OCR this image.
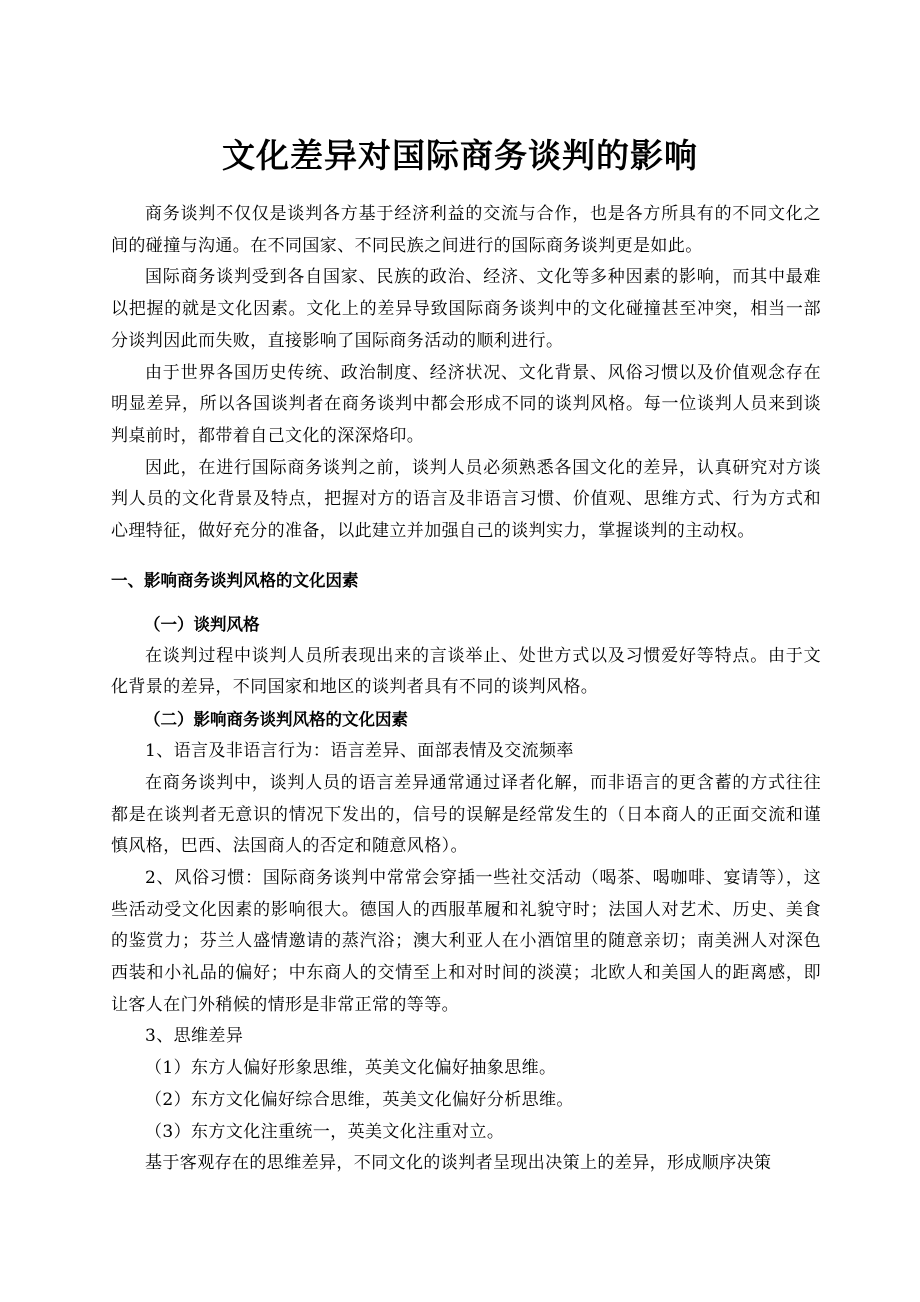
文化差异对国际商务谈判的影响

商务谈判不仅仅是谈判各方基于经济利益的交流与合作，也是各方所具有的不同文化之间的碰撞与沟通。在不同国家、不同民族之间进行的国际商务谈判更是如此。

国际商务谈判受到各自国家、民族的政治、经济、文化等多种因素的影响，而其中最难以把握的就是文化因素。文化上的差异导致国际商务谈判中的文化碰撞甚至冲突，相当一部分谈判因此而失败，直接影响了国际商务活动的顺利进行。

由于世界各国历史传统、政治制度、经济状况、文化背景、风俗习惯以及价值观念存在明显差异，所以各国谈判者在商务谈判中都会形成不同的谈判风格。每一位谈判人员来到谈判桌前时，都带着自己文化的深深烙印。

因此，在进行国际商务谈判之前，谈判人员必须熟悉各国文化的差异，认真研究对方谈判人员的文化背景及特点，把握对方的语言及非语言习惯、价值观、思维方式、行为方式和心理特征，做好充分的准备，以此建立并加强自己的谈判实力，掌握谈判的主动权。

一、影响商务谈判风格的文化因素
（一）谈判风格

在谈判过程中谈判人员所表现出来的言谈举止、处世方式以及习惯爱好等特点。由于文化背景的差异，不同国家和地区的谈判者具有不同的谈判风格。

（二）影响商务谈判风格的文化因素

1、语言及非语言行为：语言差异、面部表情及交流频率

在商务谈判中，谈判人员的语言差异通常通过译者化解，而非语言的更含蓄的方式往往都是在谈判者无意识的情况下发出的，信号的误解是经常发生的（日本商人的正面交流和谨慎风格，巴西、法国商人的否定和随意风格）。

2、风俗习惯：国际商务谈判中常常会穿插一些社交活动（喝茶、喝咖啡、宴请等），这些活动受文化因素的影响很大。德国人的西服革履和礼貌守时；法国人对艺术、历史、美食的鉴赏力；芬兰人盛情邀请的蒸汽浴；澳大利亚人在小酒馆里的随意亲切；南美洲人对深色西装和小礼品的偏好；中东商人的交情至上和对时间的淡漠；北欧人和美国人的距离感，即让客人在门外稍候的情形是非常正常的等等。

3、思维差异

（1）东方人偏好形象思维，英美文化偏好抽象思维。

（2）东方文化偏好综合思维，英美文化偏好分析思维。

（3）东方文化注重统一，英美文化注重对立。

基于客观存在的思维差异，不同文化的谈判者呈现出决策上的差异，形成顺序决策
